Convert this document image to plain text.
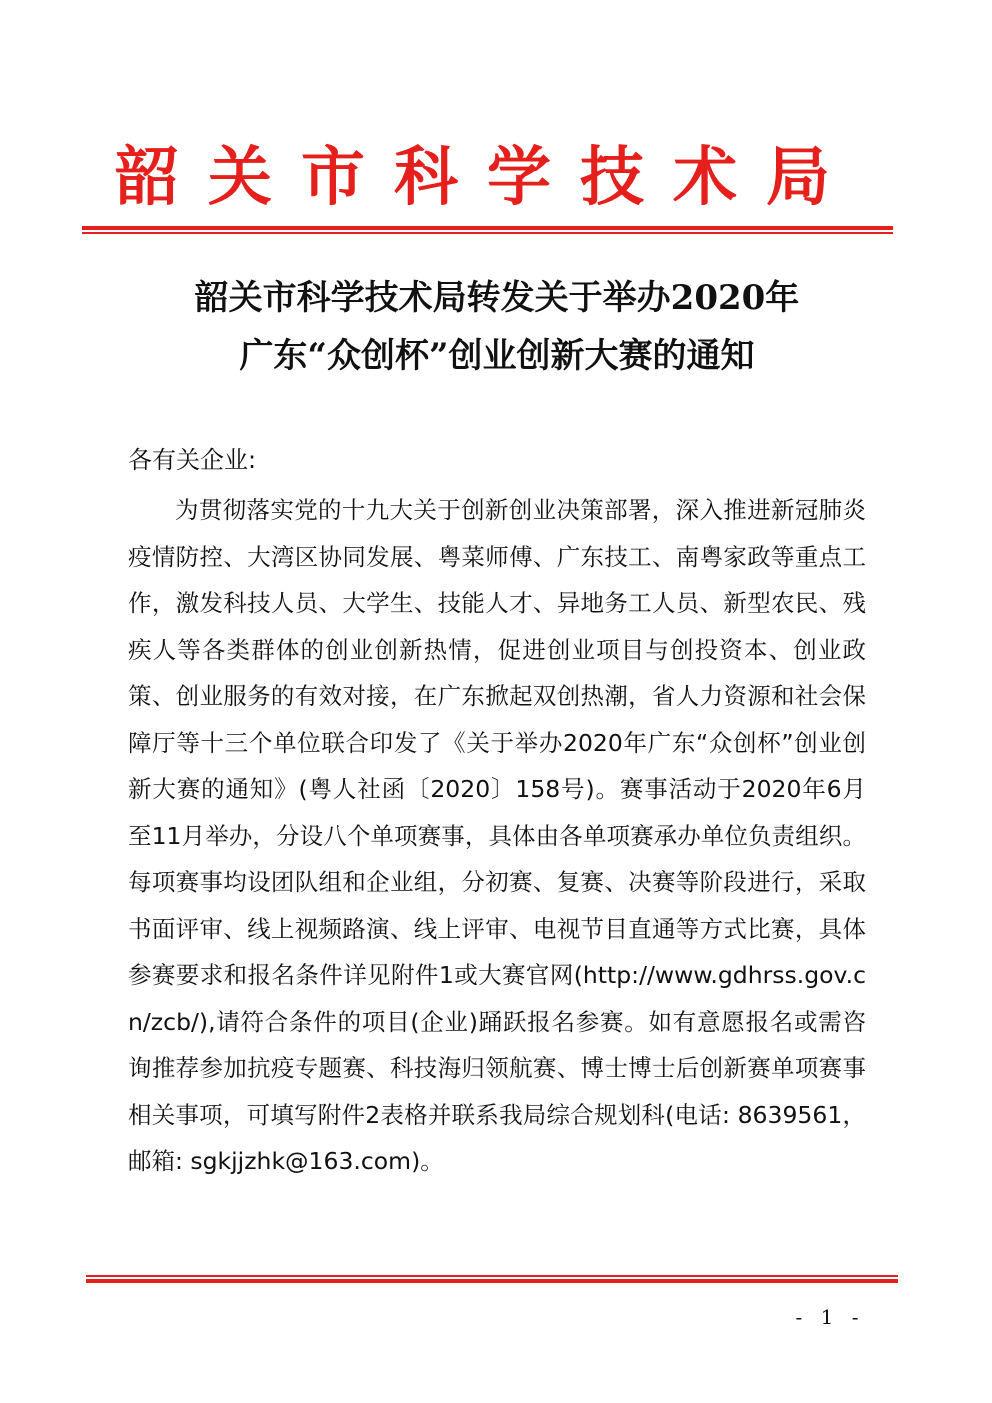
韶关市科学技术局
韶关市科学技术局转发关于举办2020年
广东“众创杯”创业创新大赛的通知
各有关企业:
为贯彻落实党的十九大关于创新创业决策部署，深入推进新冠肺炎疫情防控、大湾区协同发展、粤菜师傅、广东技工、南粤家政等重点工作，激发科技人员、大学生、技能人才、异地务工人员、新型农民、残疾人等各类群体的创业创新热情，促进创业项目与创投资本、创业政策、创业服务的有效对接，在广东掀起双创热潮，省人力资源和社会保障厅等十三个单位联合印发了《关于举办2020年广东“众创杯”创业创新大赛的通知》(粤人社函〔2020〕158号)。赛事活动于2020年6月至11月举办，分设八个单项赛事，具体由各单项赛承办单位负责组织。每项赛事均设团队组和企业组，分初赛、复赛、决赛等阶段进行，采取书面评审、线上视频路演、线上评审、电视节目直通等方式比赛，具体参赛要求和报名条件详见附件1或大赛官网(http://www.gdhrss.gov.cn/zcb/),请符合条件的项目(企业)踊跃报名参赛。如有意愿报名或需咨询推荐参加抗疫专题赛、科技海归领航赛、博士博士后创新赛单项赛事相关事项，可填写附件2表格并联系我局综合规划科(电话: 8639561，邮箱: sgkjjzhk@163.com)。
- 1 -
